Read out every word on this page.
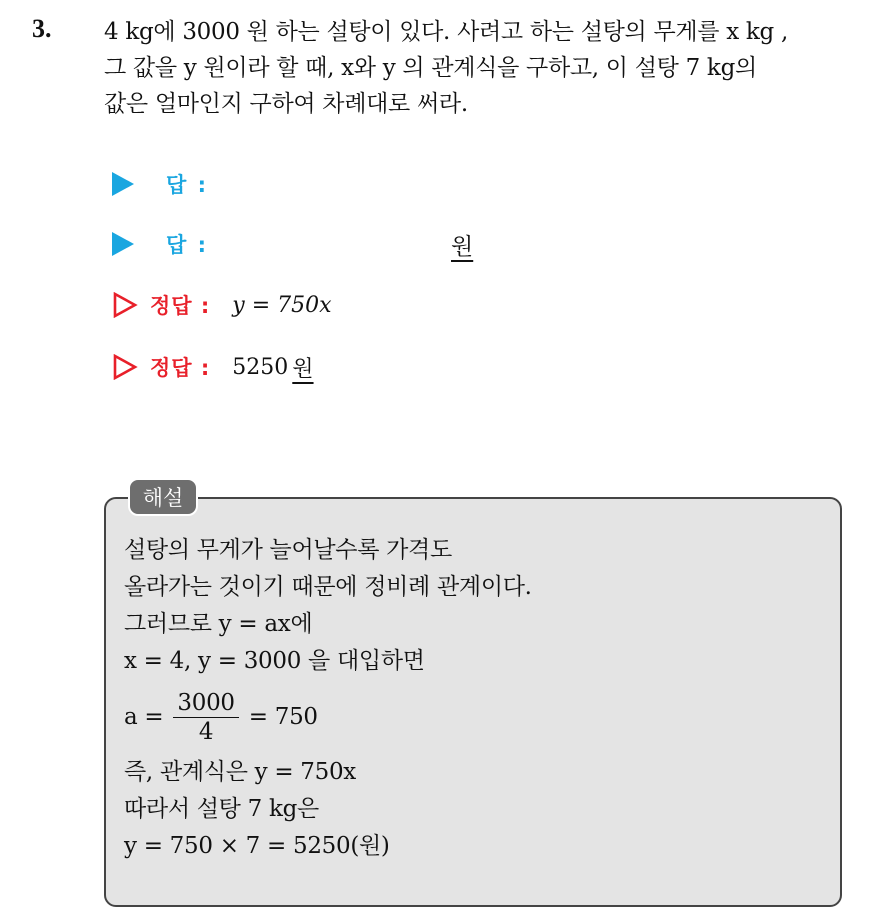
3. 4 kg에 3000 원 하는 설탕이 있다. 사려고 하는 설탕의 무게를 x kg ,
그 값을 y 원이라 할 때, x와 y 의 관계식을 구하고, 이 설탕 7 kg의
값은 얼마인지 구하여 차례대로 써라.
답 :
답 :	원
정답 : y = 750x
정답 : 5250 원
해설
설탕의 무게가 늘어날수록 가격도
올라가는 것이기 때문에 정비례 관계이다.
그러므로 y = ax에
x = 4, y = 3000 을 대입하면
$a = \frac{3000}{4} = 750$
즉, 관계식은 y = 750x
따라서 설탕 7 kg은
y = 750 × 7 = 5250(원)
